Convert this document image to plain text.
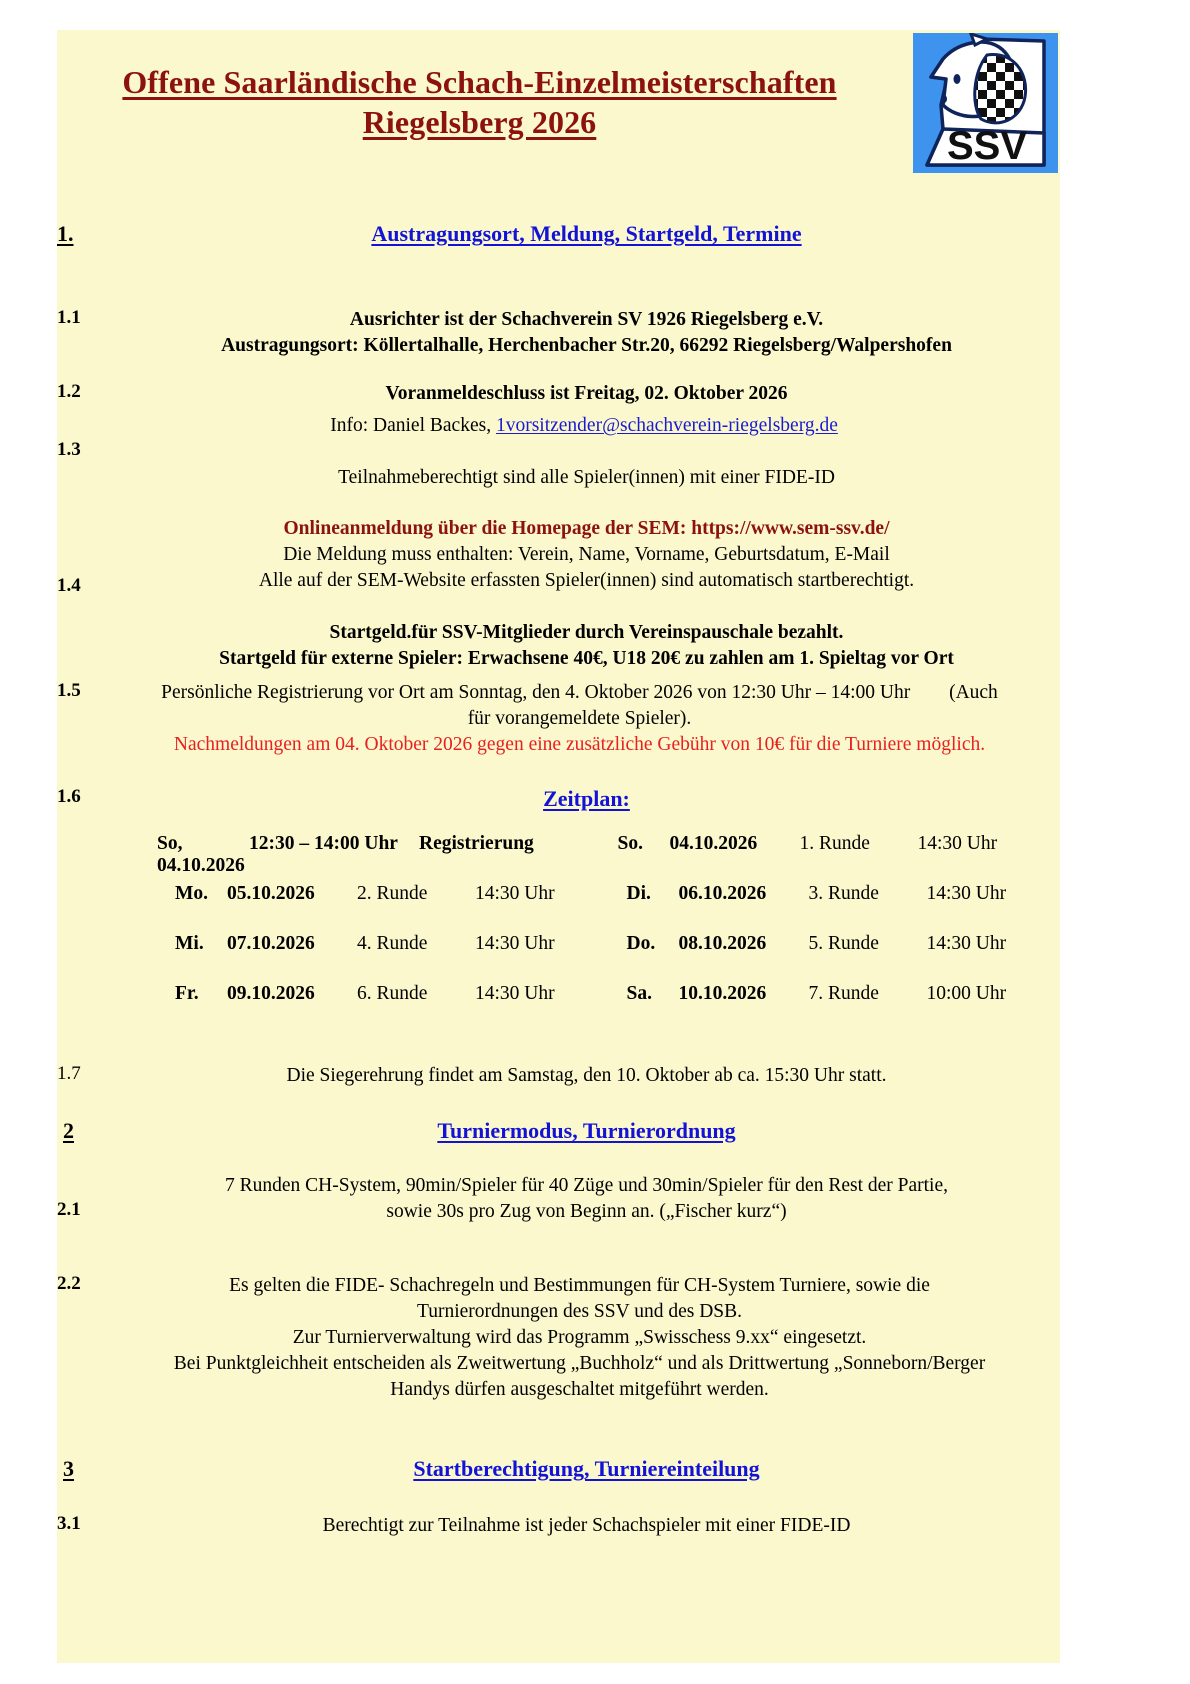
Offene Saarländische Schach-Einzelmeisterschaften
Riegelsberg 2026
SSV
1.	Austragungsort, Meldung, Startgeld, Termine
1.1	Ausrichter ist der Schachverein SV 1926 Riegelsberg e.V.
Austragungsort: Köllertalhalle, Herchenbacher Str.20, 66292 Riegelsberg/Walpershofen
1.2	Voranmeldeschluss ist Freitag, 02. Oktober 2026
Info: Daniel Backes, 1vorsitzender@schachverein-riegelsberg.de
1.3
Teilnahmeberechtigt sind alle Spieler(innen) mit einer FIDE-ID
Onlineanmeldung über die Homepage der SEM: https://www.sem-ssv.de/
Die Meldung muss enthalten: Verein, Name, Vorname, Geburtsdatum, E-Mail
Alle auf der SEM-Website erfassten Spieler(innen) sind automatisch startberechtigt.
1.4
Startgeld.für SSV-Mitglieder durch Vereinspauschale bezahlt.
Startgeld für externe Spieler: Erwachsene 40€, U18 20€ zu zahlen am 1. Spieltag vor Ort
1.5	Persönliche Registrierung vor Ort am Sonntag, den 4. Oktober 2026 von 12:30 Uhr – 14:00 Uhr (Auch
für vorangemeldete Spieler).
Nachmeldungen am 04. Oktober 2026 gegen eine zusätzliche Gebühr von 10€ für die Turniere möglich.
1.6	Zeitplan:
So, 04.10.2026
12:30 – 14:00 Uhr	Registrierung	So.	04.10.2026	1. Runde	14:30 Uhr
Mo. 05.10.2026	2. Runde	14:30 Uhr	Di.	06.10.2026	3. Runde	14:30 Uhr
Mi.	07.10.2026	4. Runde	14:30 Uhr	Do.	08.10.2026	5. Runde	14:30 Uhr
Fr.	09.10.2026	6. Runde	14:30 Uhr	Sa.	10.10.2026	7. Runde	10:00 Uhr
1.7	Die Siegerehrung findet am Samstag, den 10. Oktober ab ca. 15:30 Uhr statt.
2	Turniermodus, Turnierordnung
7 Runden CH-System, 90min/Spieler für 40 Züge und 30min/Spieler für den Rest der Partie,
sowie 30s pro Zug von Beginn an. („Fischer kurz“)
2.1
2.2	Es gelten die FIDE- Schachregeln und Bestimmungen für CH-System Turniere, sowie die
Turnierordnungen des SSV und des DSB.
Zur Turnierverwaltung wird das Programm „Swisschess 9.xx“ eingesetzt.
Bei Punktgleichheit entscheiden als Zweitwertung „Buchholz“ und als Drittwertung „Sonneborn/Berger
Handys dürfen ausgeschaltet mitgeführt werden.
3	Startberechtigung, Turniereinteilung
3.1	Berechtigt zur Teilnahme ist jeder Schachspieler mit einer FIDE-ID
